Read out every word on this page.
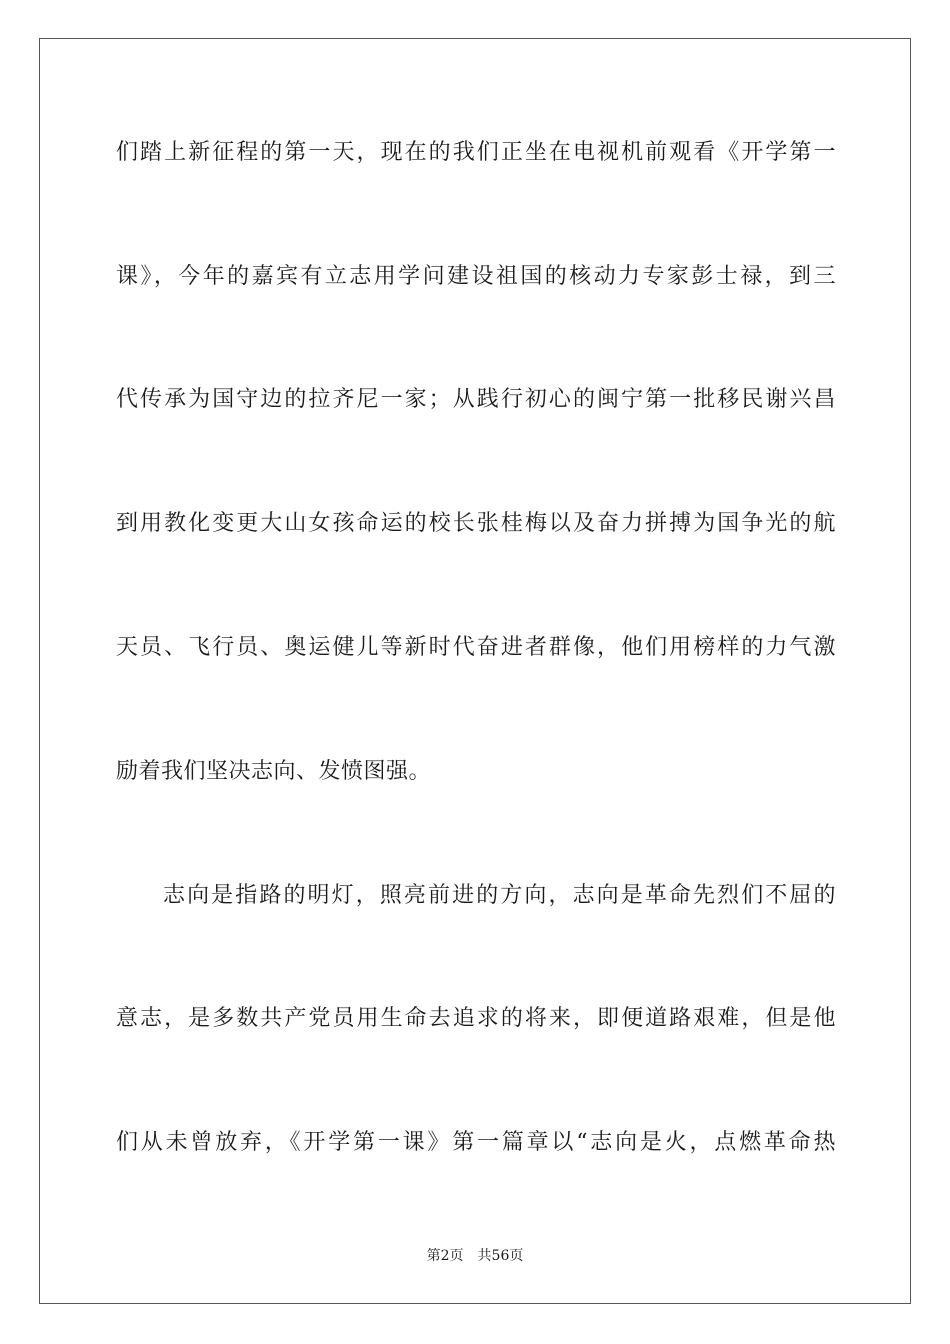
们踏上新征程的第一天，现在的我们正坐在电视机前观看《开学第一
课》，今年的嘉宾有立志用学问建设祖国的核动力专家彭士禄，到三
代传承为国守边的拉齐尼一家；从践行初心的闽宁第一批移民谢兴昌
到用教化变更大山女孩命运的校长张桂梅以及奋力拼搏为国争光的航
天员、飞行员、奥运健儿等新时代奋进者群像，他们用榜样的力气激
励着我们坚决志向、发愤图强。
志向是指路的明灯，照亮前进的方向，志向是革命先烈们不屈的
意志，是多数共产党员用生命去追求的将来，即便道路艰难，但是他
们从未曾放弃，《开学第一课》第一篇章以“志向是火，点燃革命热
第2页 共56页
